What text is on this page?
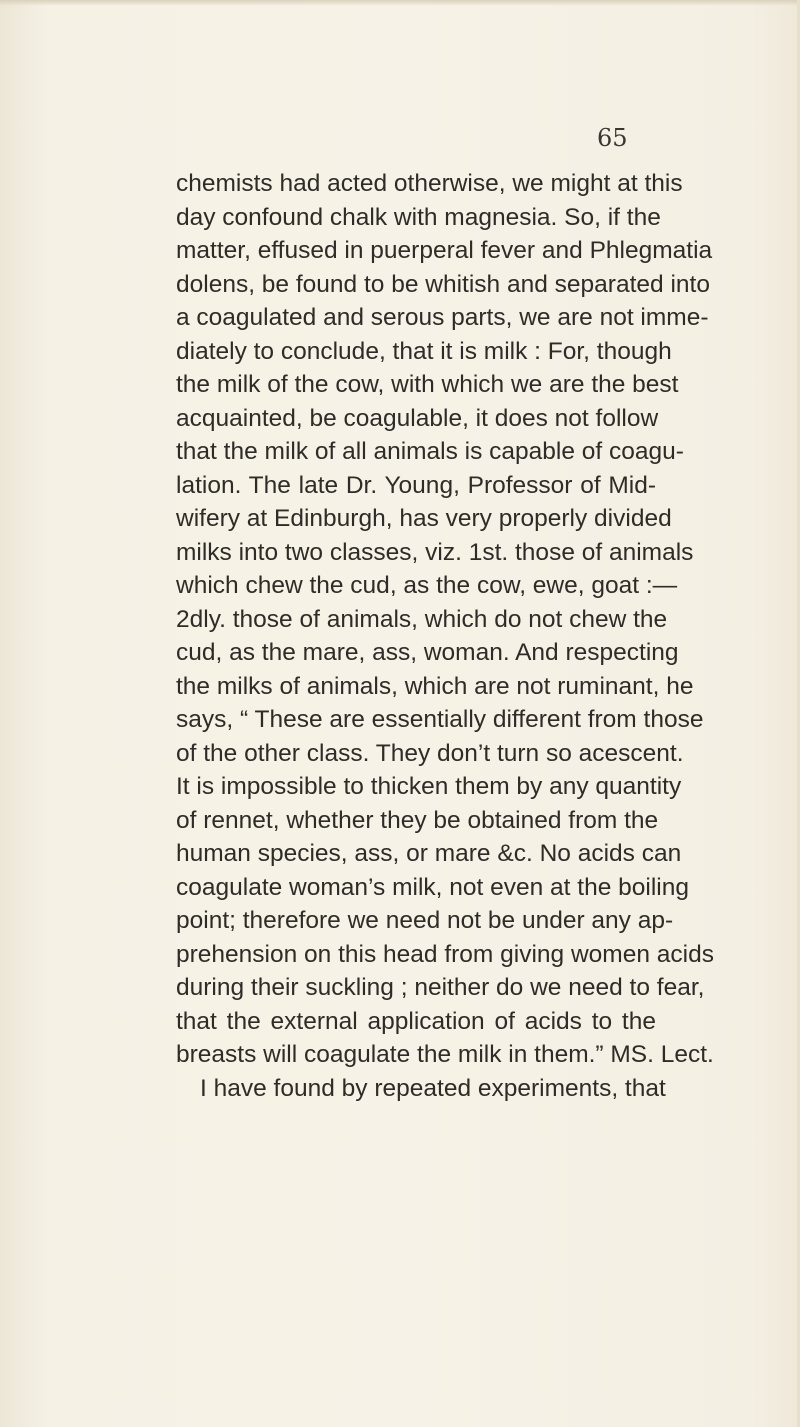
65
chemists had acted otherwise, we might at this
day confound chalk with magnesia. So, if the
matter, effused in puerperal fever and Phlegmatia
dolens, be found to be whitish and separated into
a coagulated and serous parts, we are not imme-
diately to conclude, that it is milk : For, though
the milk of the cow, with which we are the best
acquainted, be coagulable, it does not follow
that the milk of all animals is capable of coagu-
lation. The late Dr. Young, Professor of Mid-
wifery at Edinburgh, has very properly divided
milks into two classes, viz. 1st. those of animals
which chew the cud, as the cow, ewe, goat :—
2dly. those of animals, which do not chew the
cud, as the mare, ass, woman. And respecting
the milks of animals, which are not ruminant, he
says, “ These are essentially different from those
of the other class. They don’t turn so acescent.
It is impossible to thicken them by any quantity
of rennet, whether they be obtained from the
human species, ass, or mare &c. No acids can
coagulate woman’s milk, not even at the boiling
point; therefore we need not be under any ap-
prehension on this head from giving women acids
during their suckling ; neither do we need to fear,
that the external application of acids to the
breasts will coagulate the milk in them.” MS. Lect.
I have found by repeated experiments, that
